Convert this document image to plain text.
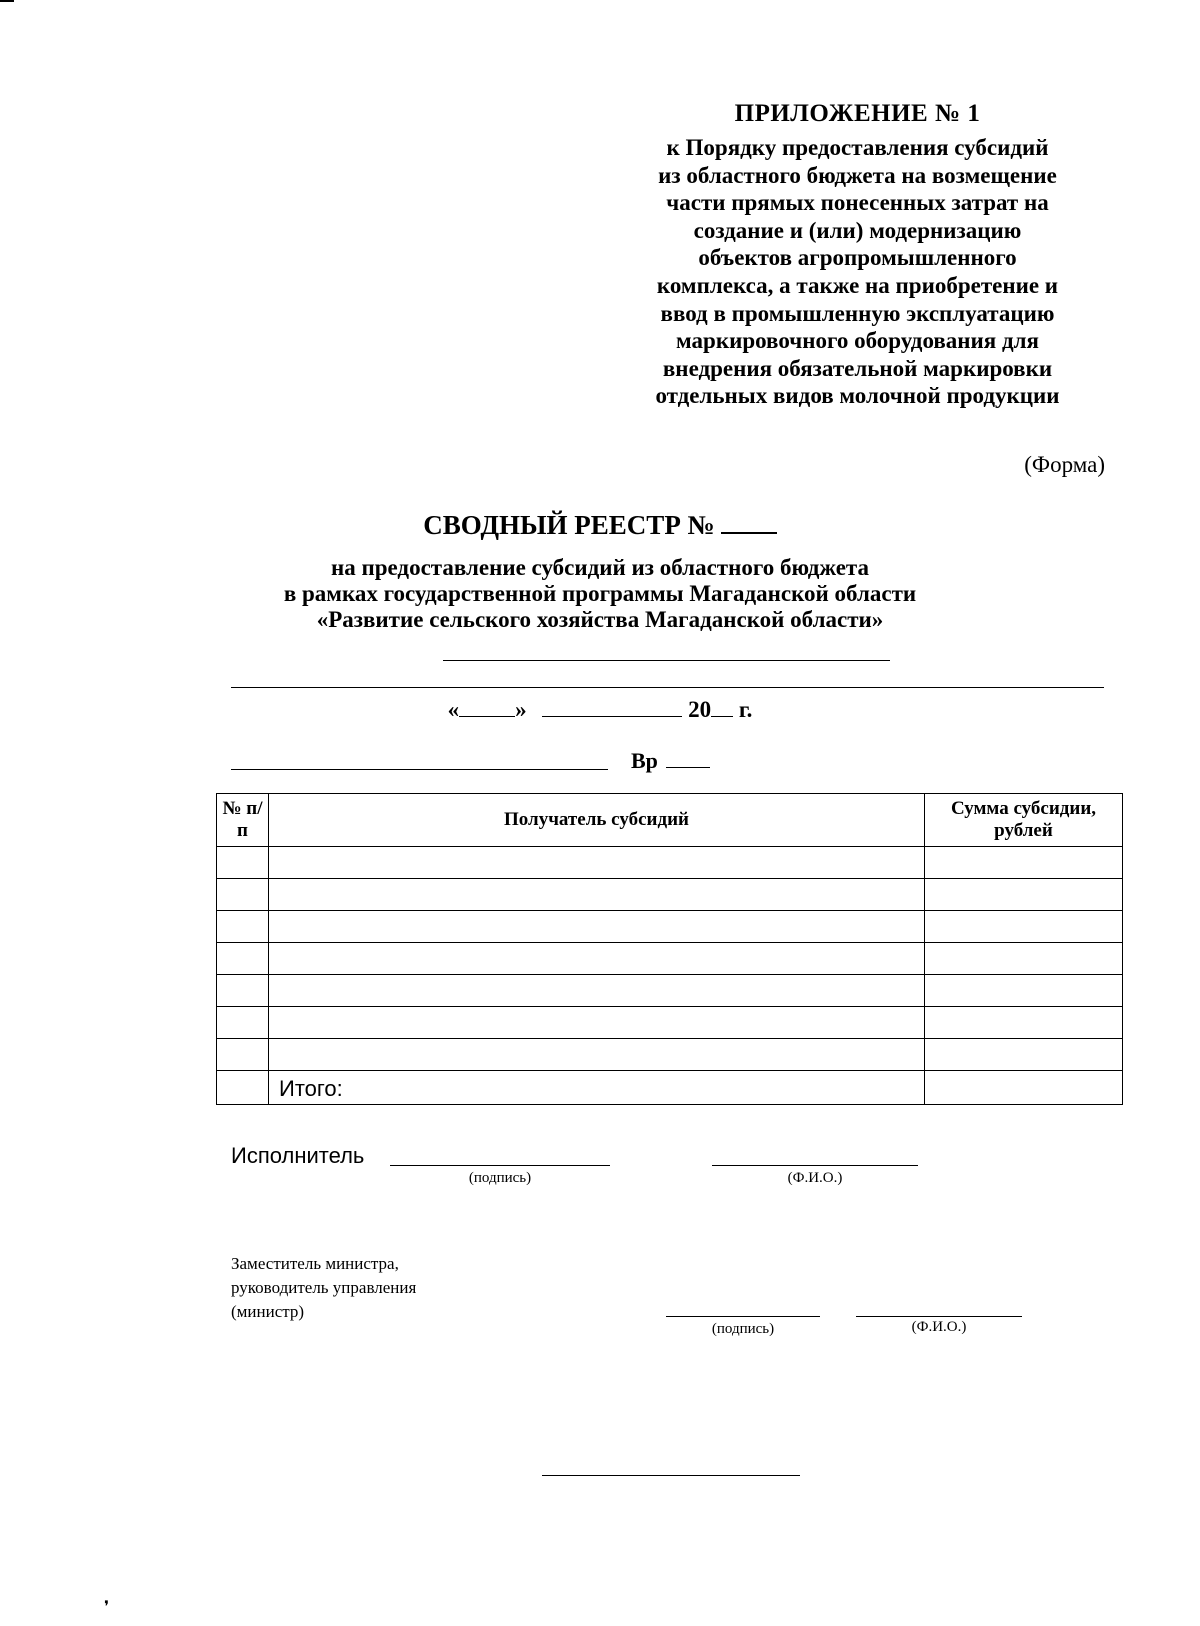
ПРИЛОЖЕНИЕ № 1
к Порядку предоставления субсидий
из областного бюджета на возмещение
части прямых понесенных затрат на
создание и (или) модернизацию
объектов агропромышленного
комплекса, а также на приобретение и
ввод в промышленную эксплуатацию
маркировочного оборудования для
внедрения обязательной маркировки
отдельных видов молочной продукции
(Форма)
СВОДНЫЙ РЕЕСТР №
на предоставление субсидий из областного бюджета
в рамках государственной программы Магаданской области
«Развитие сельского хозяйства Магаданской области»
« »	20 г.
Вр
№ п/п	Получатель субсидий	Сумма субсидии, рублей

	Итого:	
Исполнитель
(подпись)	(Ф.И.О.)
Заместитель министра,
руководитель управления
(министр)
(подпись)	(Ф.И.О.)
❜
